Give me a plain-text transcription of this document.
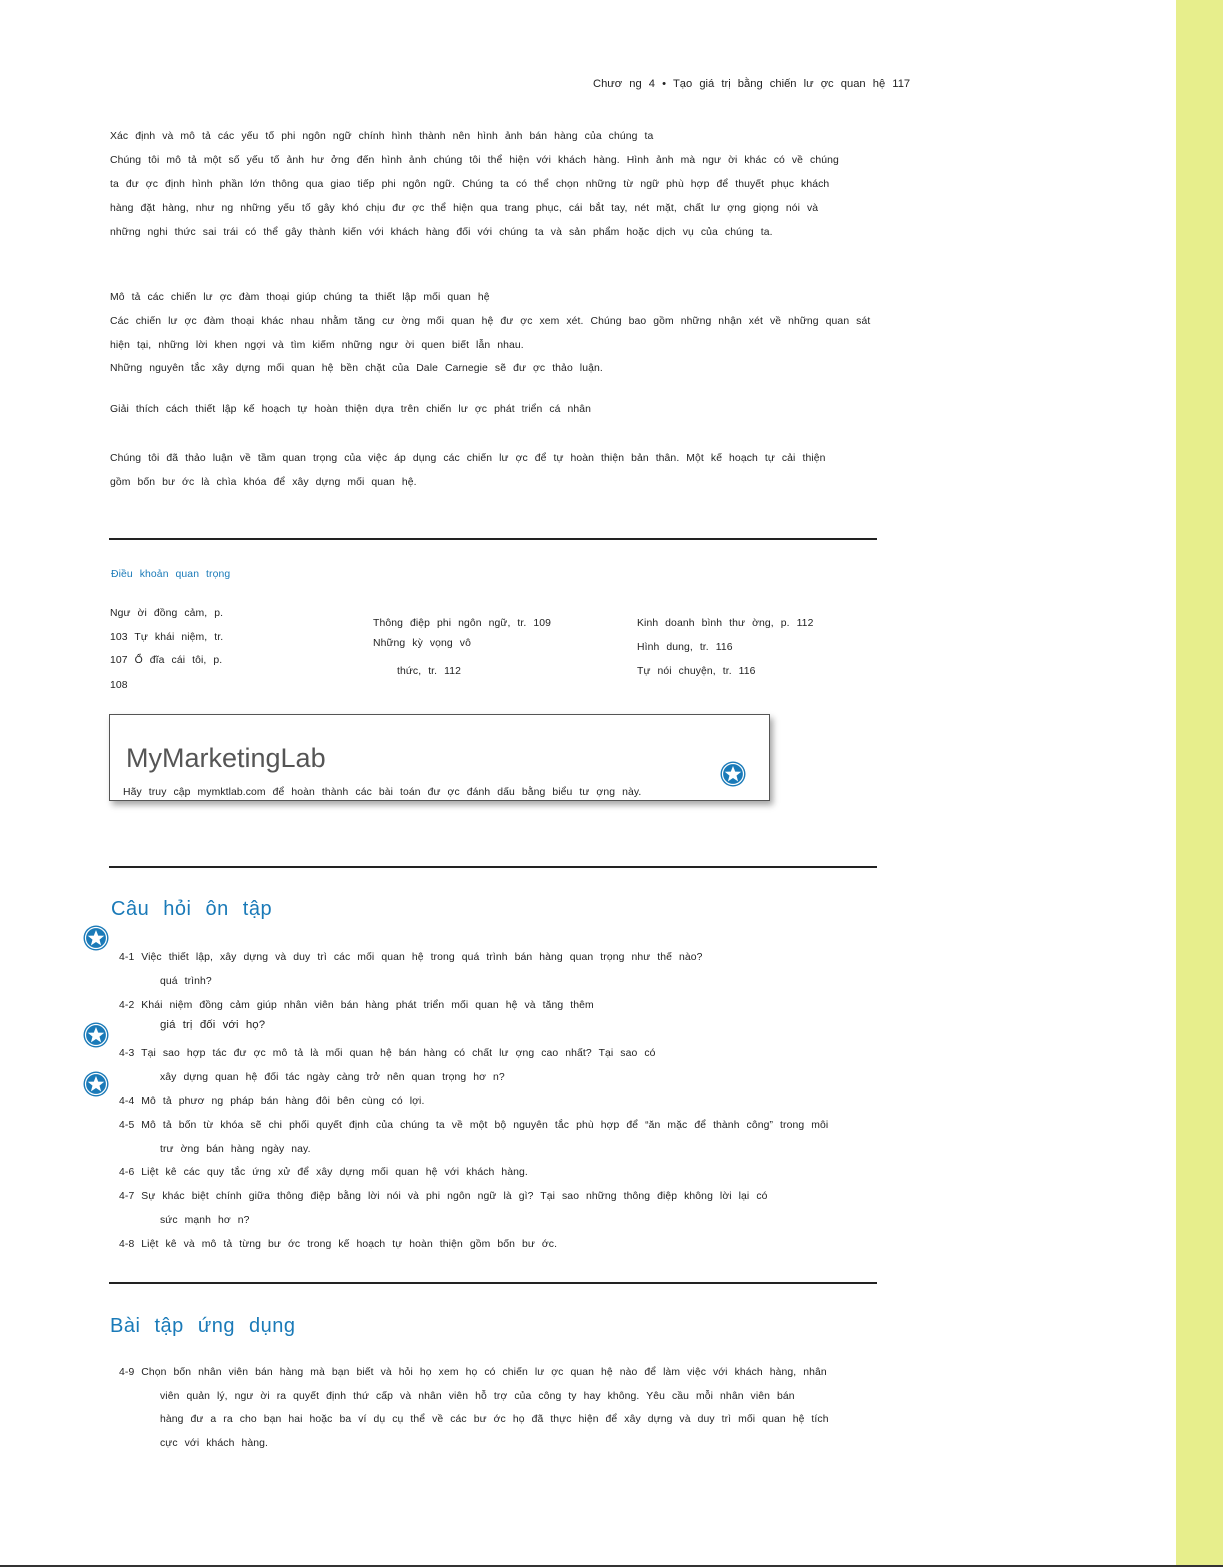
Chươ ng 4 • Tạo giá trị bằng chiến lư ợc quan hệ 117
Xác định và mô tả các yếu tố phi ngôn ngữ chính hình thành nên hình ảnh bán hàng của chúng ta
Chúng tôi mô tả một số yếu tố ảnh hư ởng đến hình ảnh chúng tôi thể hiện với khách hàng. Hình ảnh mà ngư ời khác có về chúng
ta đư ợc định hình phần lớn thông qua giao tiếp phi ngôn ngữ. Chúng ta có thể chọn những từ ngữ phù hợp để thuyết phục khách
hàng đặt hàng, như ng những yếu tố gây khó chịu đư ợc thể hiện qua trang phục, cái bắt tay, nét mặt, chất lư ợng giọng nói và
những nghi thức sai trái có thể gây thành kiến với khách hàng đối với chúng ta và sản phẩm hoặc dịch vụ của chúng ta.
Mô tả các chiến lư ợc đàm thoại giúp chúng ta thiết lập mối quan hệ
Các chiến lư ợc đàm thoại khác nhau nhằm tăng cư ờng mối quan hệ đư ợc xem xét. Chúng bao gồm những nhận xét về những quan sát
hiện tại, những lời khen ngợi và tìm kiếm những ngư ời quen biết lẫn nhau.
Những nguyên tắc xây dựng mối quan hệ bền chặt của Dale Carnegie sẽ đư ợc thảo luận.
Giải thích cách thiết lập kế hoạch tự hoàn thiện dựa trên chiến lư ợc phát triển cá nhân
Chúng tôi đã thảo luận về tầm quan trọng của việc áp dụng các chiến lư ợc để tự hoàn thiện bản thân. Một kế hoạch tự cải thiện
gồm bốn bư ớc là chìa khóa để xây dựng mối quan hệ.
Điều khoản quan trọng
Ngư ời đồng cảm, p.
103 Tự khái niệm, tr.
107 Ổ đĩa cái tôi, p.
108
Thông điệp phi ngôn ngữ, tr. 109
Những kỳ vọng vô
thức, tr. 112
Kinh doanh bình thư ờng, p. 112
Hình dung, tr. 116
Tự nói chuyện, tr. 116
MyMarketingLab
Hãy truy cập mymktlab.com để hoàn thành các bài toán đư ợc đánh dấu bằng biểu tư ợng này.
Câu hỏi ôn tập
4-1 Việc thiết lập, xây dựng và duy trì các mối quan hệ trong quá trình bán hàng quan trọng như thế nào?
quá trình?
4-2 Khái niệm đồng cảm giúp nhân viên bán hàng phát triển mối quan hệ và tăng thêm
giá trị đối với họ?
4-3 Tại sao hợp tác đư ợc mô tả là mối quan hệ bán hàng có chất lư ợng cao nhất? Tại sao có
xây dựng quan hệ đối tác ngày càng trở nên quan trọng hơ n?
4-4 Mô tả phươ ng pháp bán hàng đôi bên cùng có lợi.
4-5 Mô tả bốn từ khóa sẽ chi phối quyết định của chúng ta về một bộ nguyên tắc phù hợp để “ăn mặc để thành công” trong môi
trư ờng bán hàng ngày nay.
4-6 Liệt kê các quy tắc ứng xử để xây dựng mối quan hệ với khách hàng.
4-7 Sự khác biệt chính giữa thông điệp bằng lời nói và phi ngôn ngữ là gì? Tại sao những thông điệp không lời lại có
sức mạnh hơ n?
4-8 Liệt kê và mô tả từng bư ớc trong kế hoạch tự hoàn thiện gồm bốn bư ớc.
Bài tập ứng dụng
4-9 Chọn bốn nhân viên bán hàng mà bạn biết và hỏi họ xem họ có chiến lư ợc quan hệ nào để làm việc với khách hàng, nhân
viên quản lý, ngư ời ra quyết định thứ cấp và nhân viên hỗ trợ của công ty hay không. Yêu cầu mỗi nhân viên bán
hàng đư a ra cho bạn hai hoặc ba ví dụ cụ thể về các bư ớc họ đã thực hiện để xây dựng và duy trì mối quan hệ tích
cực với khách hàng.
